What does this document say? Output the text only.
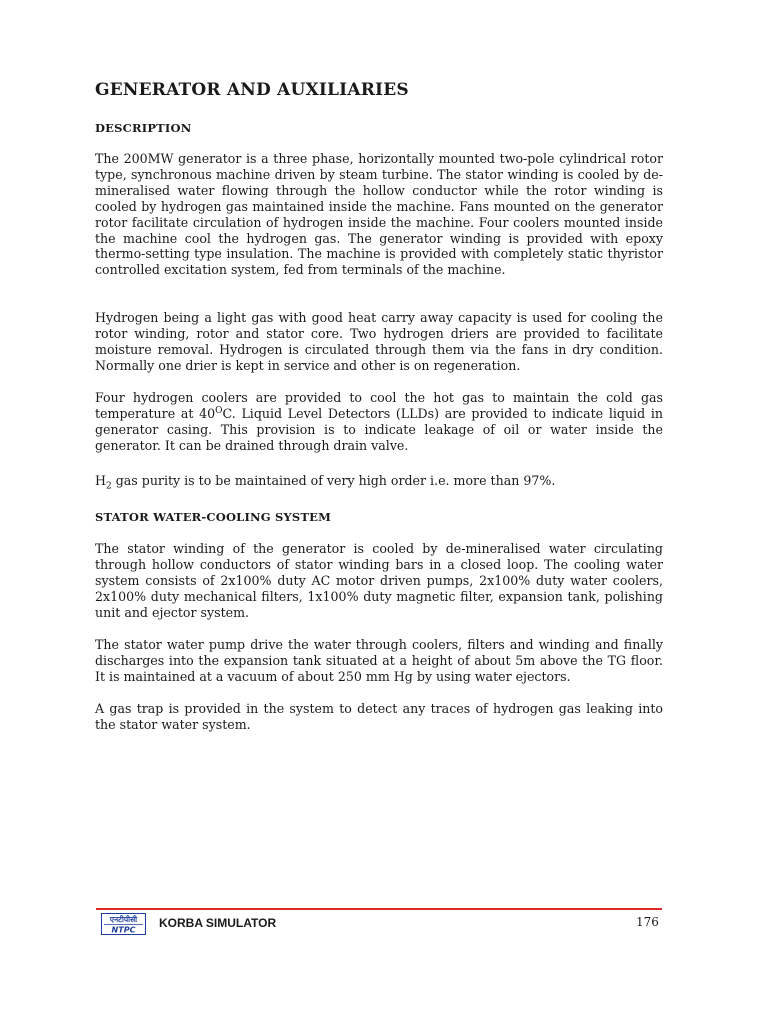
GENERATOR AND AUXILIARIES
DESCRIPTION

The 200MW generator is a three phase, horizontally mounted two-pole cylindrical rotor type, synchronous machine driven by steam turbine. The stator winding is cooled by de-mineralised water flowing through the hollow conductor while the rotor winding is cooled by hydrogen gas maintained inside the machine. Fans mounted on the generator rotor facilitate circulation of hydrogen inside the machine. Four coolers mounted inside the machine cool the hydrogen gas. The generator winding is provided with epoxy thermo-setting type insulation. The machine is provided with completely static thyristor controlled excitation system, fed from terminals of the machine.

Hydrogen being a light gas with good heat carry away capacity is used for cooling the rotor winding, rotor and stator core. Two hydrogen driers are provided to facilitate moisture removal. Hydrogen is circulated through them via the fans in dry condition. Normally one drier is kept in service and other is on regeneration.

Four hydrogen coolers are provided to cool the hot gas to maintain the cold gas temperature at $40^OC$. Liquid Level Detectors (LLDs) are provided to indicate liquid in generator casing. This provision is to indicate leakage of oil or water inside the generator. It can be drained through drain valve.

$H_2$ gas purity is to be maintained of very high order i.e. more than 97%.

STATOR WATER-COOLING SYSTEM

The stator winding of the generator is cooled by de-mineralised water circulating through hollow conductors of stator winding bars in a closed loop. The cooling water system consists of 2x100% duty AC motor driven pumps, 2x100% duty water coolers, 2x100% duty mechanical filters, 1x100% duty magnetic filter, expansion tank, polishing unit and ejector system.

The stator water pump drive the water through coolers, filters and winding and finally discharges into the expansion tank situated at a height of about 5m above the TG floor. It is maintained at a vacuum of about 250 mm Hg by using water ejectors.

A gas trap is provided in the system to detect any traces of hydrogen gas leaking into the stator water system.

एनटीपीसी
NTPC KORBA SIMULATOR	176
